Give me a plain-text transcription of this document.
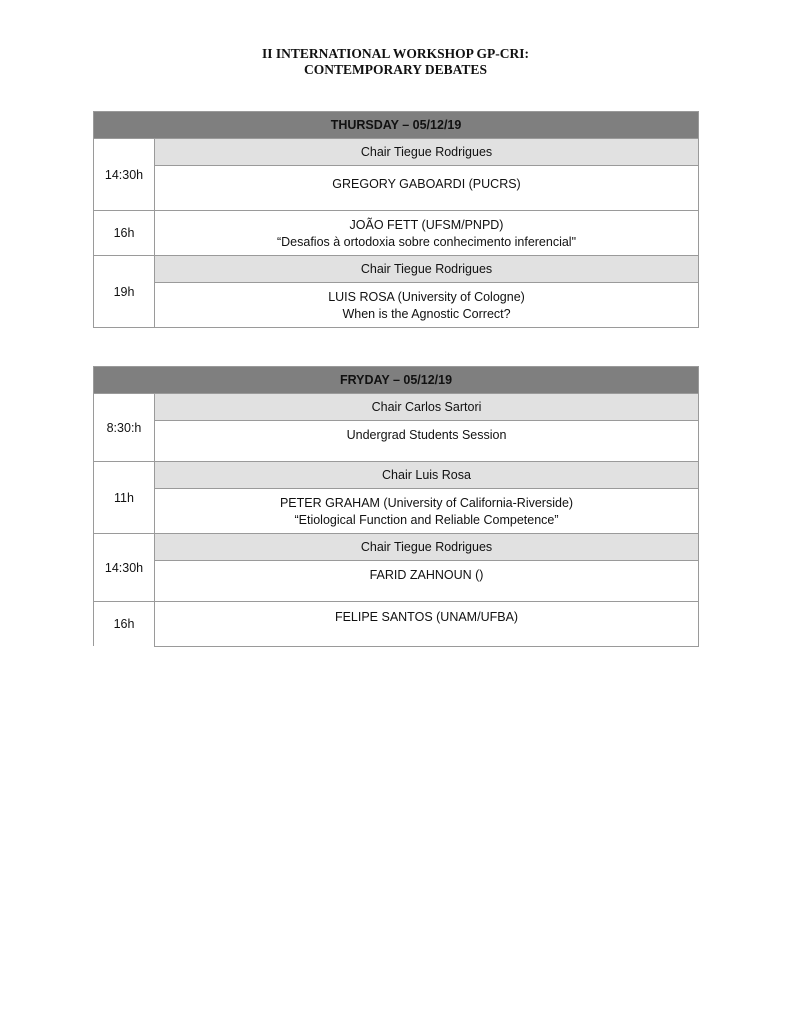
II INTERNATIONAL WORKSHOP GP-CRI:
CONTEMPORARY DEBATES
THURSDAY – 05/12/19	
14:30h	Chair Tiegue Rodrigues

	GREGORY GABOARDI (PUCRS)

16h	JOÃO FETT (UFSM/PNPD)
“Desafios à ortodoxia sobre conhecimento inferencial"

19h	Chair Tiegue Rodrigues

	LUIS ROSA (University of Cologne)
When is the Agnostic Correct?
FRYDAY – 05/12/19	
8:30:h	Chair Carlos Sartori

	Undergrad Students Session

11h	Chair Luis Rosa

	PETER GRAHAM (University of California-Riverside)
“Etiological Function and Reliable Competence”

14:30h	Chair Tiegue Rodrigues

	FARID ZAHNOUN ()

16h	FELIPE SANTOS (UNAM/UFBA)
